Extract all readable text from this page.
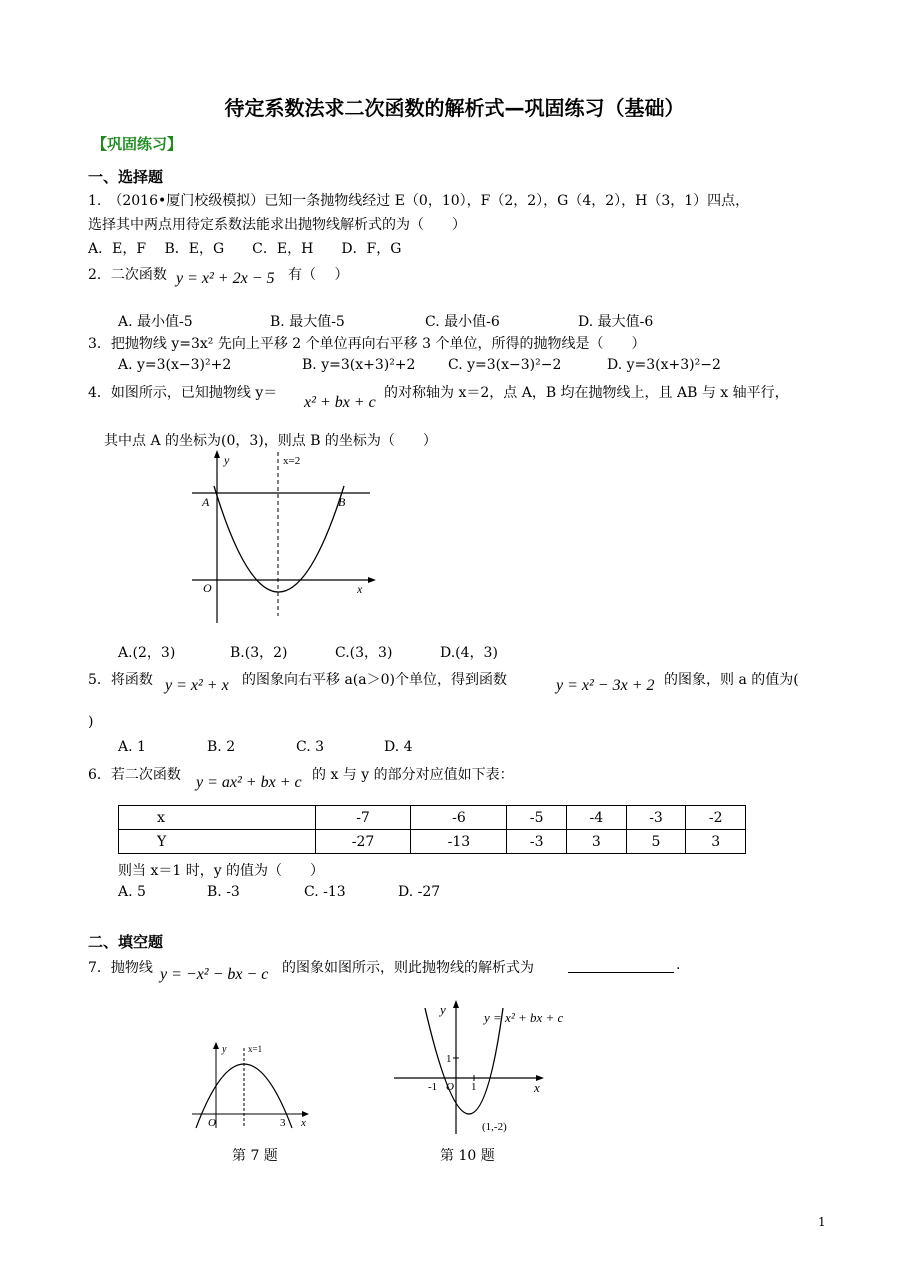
待定系数法求二次函数的解析式—巩固练习（基础）
【巩固练习】
一、选择题
1.　（2016•厦门校级模拟）已知一条抛物线经过 E（0，10），F（2，2），G（4，2），H（3，1）四点，
选择其中两点用待定系数法能求出抛物线解析式的为（　　）
A．E，F　 B．E，G　　C．E，H　　D．F，G
2．二次函数 y = x² + 2x − 5 有（　 ）
A. 最小值-5	B. 最大值-5	C. 最小值-6	D. 最大值-6
3．把抛物线 y=3x² 先向上平移 2 个单位再向右平移 3 个单位，所得的抛物线是（　　）
A. y=3(x−3)²+2	B. y=3(x+3)²+2 C. y=3(x−3)²−2	D. y=3(x+3)²−2
4．如图所示，已知抛物线 y＝
x² + bx + c
的对称轴为 x＝2，点 A，B 均在抛物线上，且 AB 与 x 轴平行，
其中点 A 的坐标为(0，3)，则点 B 的坐标为（　　）
y	x=2
A	B
O	x
A.(2，3)	B.(3，2)	C.(3，3)	D.(4，3)
5．将函数 y = x² + x 的图象向右平移 a(a＞0)个单位，得到函数	y = x² − 3x + 2 的图象，则 a 的值为(
)
A. 1	B. 2	C. 3	D. 4
6．若二次函数 y = ax² + bx + c 的 x 与 y 的部分对应值如下表：
x	-7	-6	-5	-4	-3	-2
Y	-27	-13	-3	3	5	3
则当 x＝1 时，y 的值为（　　）
A. 5	B. -3	C. -13	D. -27
二、填空题
7．抛物线 y = −x² − bx − c 的图象如图所示，则此抛物线的解析式为	.
y x=1
O	3 x
第 7 题
y
y = x² + bx + c
1
-1 O 1	x
(1,-2)
第 10 题
1
